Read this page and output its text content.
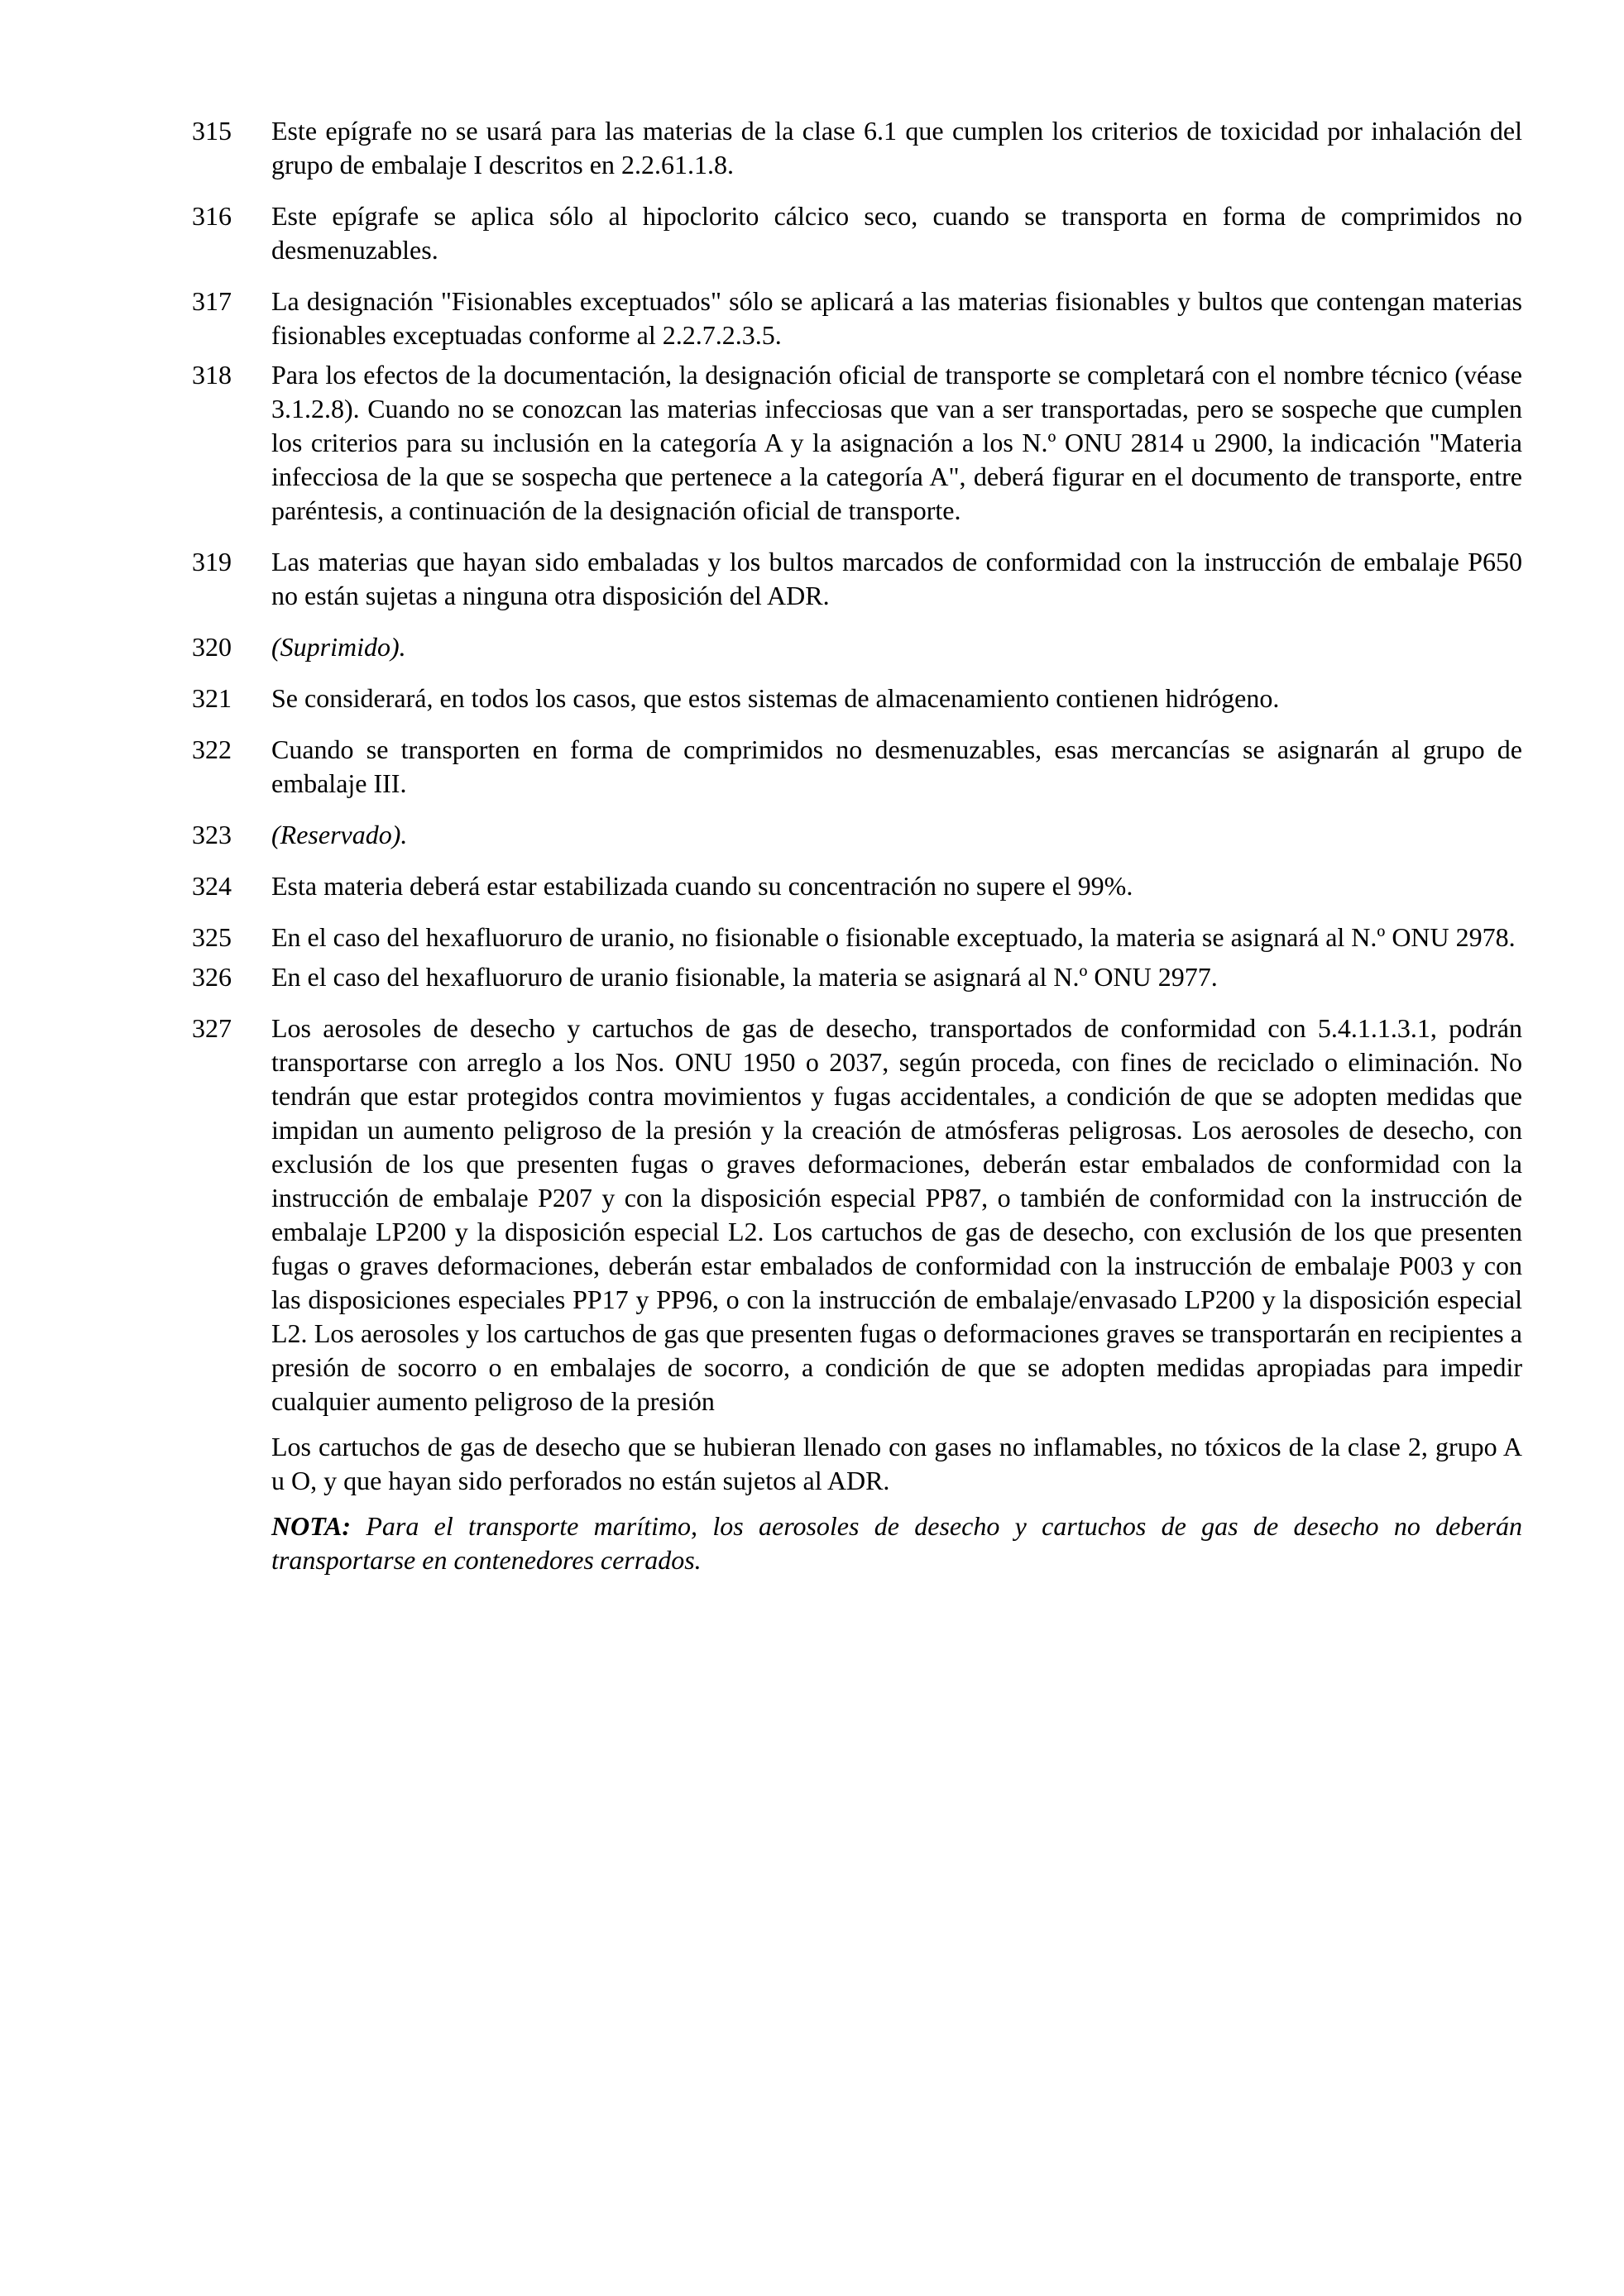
315	Este epígrafe no se usará para las materias de la clase 6.1 que cumplen los criterios de toxicidad por inhalación del grupo de embalaje I descritos en 2.2.61.1.8.

316	Este epígrafe se aplica sólo al hipoclorito cálcico seco, cuando se transporta en forma de comprimidos no desmenuzables.

317	La designación "Fisionables exceptuados" sólo se aplicará a las materias fisionables y bultos que contengan materias fisionables exceptuadas conforme al 2.2.7.2.3.5.

318	Para los efectos de la documentación, la designación oficial de transporte se completará con el nombre técnico (véase 3.1.2.8). Cuando no se conozcan las materias infecciosas que van a ser transportadas, pero se sospeche que cumplen los criterios para su inclusión en la categoría A y la asignación a los N.º ONU 2814 u 2900, la indicación "Materia infecciosa de la que se sospecha que pertenece a la categoría A", deberá figurar en el documento de transporte, entre paréntesis, a continuación de la designación oficial de transporte.

319	Las materias que hayan sido embaladas y los bultos marcados de conformidad con la instrucción de embalaje P650 no están sujetas a ninguna otra disposición del ADR.

320	(Suprimido).

321	Se considerará, en todos los casos, que estos sistemas de almacenamiento contienen hidrógeno.

322	Cuando se transporten en forma de comprimidos no desmenuzables, esas mercancías se asignarán al grupo de embalaje III.

323	(Reservado).

324	Esta materia deberá estar estabilizada cuando su concentración no supere el 99%.

325	En el caso del hexafluoruro de uranio, no fisionable o fisionable exceptuado, la materia se asignará al N.º ONU 2978.

326	En el caso del hexafluoruro de uranio fisionable, la materia se asignará al N.º ONU 2977.

327	Los aerosoles de desecho y cartuchos de gas de desecho, transportados de conformidad con 5.4.1.1.3.1, podrán transportarse con arreglo a los Nos. ONU 1950 o 2037, según proceda, con fines de reciclado o eliminación. No tendrán que estar protegidos contra movimientos y fugas accidentales, a condición de que se adopten medidas que impidan un aumento peligroso de la presión y la creación de atmósferas peligrosas. Los aerosoles de desecho, con exclusión de los que presenten fugas o graves deformaciones, deberán estar embalados de conformidad con la instrucción de embalaje P207 y con la disposición especial PP87, o también de conformidad con la instrucción de embalaje LP200 y la disposición especial L2. Los cartuchos de gas de desecho, con exclusión de los que presenten fugas o graves deformaciones, deberán estar embalados de conformidad con la instrucción de embalaje P003 y con las disposiciones especiales PP17 y PP96, o con la instrucción de embalaje/envasado LP200 y la disposición especial L2. Los aerosoles y los cartuchos de gas que presenten fugas o deformaciones graves se transportarán en recipientes a presión de socorro o en embalajes de socorro, a condición de que se adopten medidas apropiadas para impedir cualquier aumento peligroso de la presión

Los cartuchos de gas de desecho que se hubieran llenado con gases no inflamables, no tóxicos de la clase 2, grupo A u O, y que hayan sido perforados no están sujetos al ADR.

NOTA: Para el transporte marítimo, los aerosoles de desecho y cartuchos de gas de desecho no deberán transportarse en contenedores cerrados.
